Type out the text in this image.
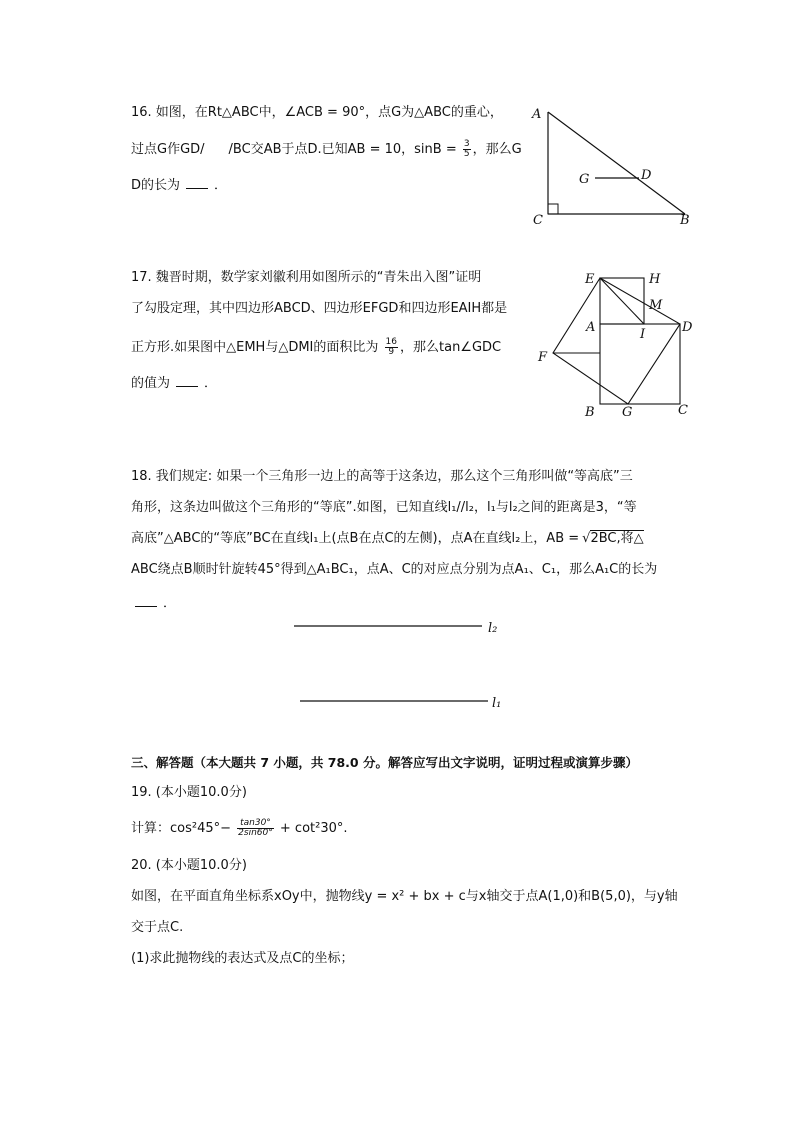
16. 如图，在Rt△ABC中，∠ACB = 90°，点G为△ABC的重心，
过点G作GD/ /BC交AB于点D.已知AB = 10，$\sin B = \frac{3}{5}$ ，那么G
D的长为	．
A
C	B
G	D
17. 魏晋时期，数学家刘徽利用如图所示的“青朱出入图”证明
了勾股定理，其中四边形ABCD、四边形EFGD和四边形EAIH都是
正方形.如果图中△EMH与△DMI的面积比为 $\frac{16}{9}$ ，那么tan∠GDC
的值为	．
E	H
M
A	I	D
F
B G	C
18. 我们规定: 如果一个三角形一边上的高等于这条边，那么这个三角形叫做“等高底”三
角形，这条边叫做这个三角形的“等底”.如图，已知直线l₁//l₂，l₁与l₂之间的距离是3，“等
高底”△ABC的“等底”BC在直线l₁上(点B在点C的左侧)，点A在直线l₂上，AB = √2BC,将△
ABC绕点B顺时针旋转45°得到△A₁BC₁，点A、C的对应点分别为点A₁、C₁，那么A₁C的长为
．
l₂
l₁
三、解答题（本大题共 7 小题，共 78.0 分。解答应写出文字说明，证明过程或演算步骤）
19. (本小题10.0分)
计算：$\cos^245^\circ- \frac{\tan 30^\circ}{2\sin 60^\circ} + \cot^230^\circ$.
20. (本小题10.0分)
如图，在平面直角坐标系xOy中，抛物线y = x² + bx + c与x轴交于点A(1,0)和B(5,0)，与y轴
交于点C.
(1)求此抛物线的表达式及点C的坐标；
